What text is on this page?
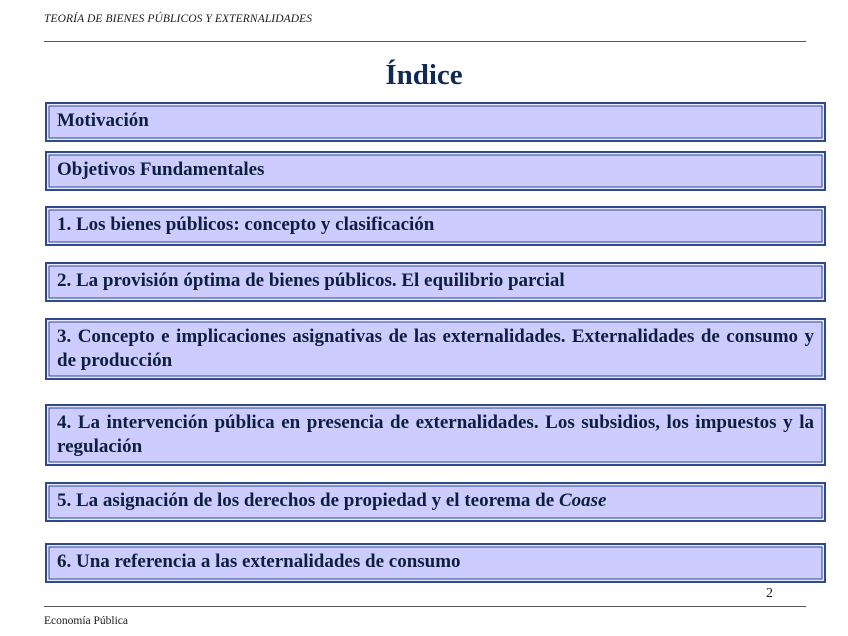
TEORÍA DE BIENES PÚBLICOS Y EXTERNALIDADES
Índice
Motivación
Objetivos Fundamentales
1. Los bienes públicos: concepto y clasificación
2. La provisión óptima de bienes públicos. El equilibrio parcial
3. Concepto e implicaciones asignativas de las externalidades. Externalidades de consumo y de producción
4. La intervención pública en presencia de externalidades. Los subsidios, los impuestos y la regulación
5. La asignación de los derechos de propiedad y el teorema de Coase
6. Una referencia a las externalidades de consumo
2
Economía Pública
